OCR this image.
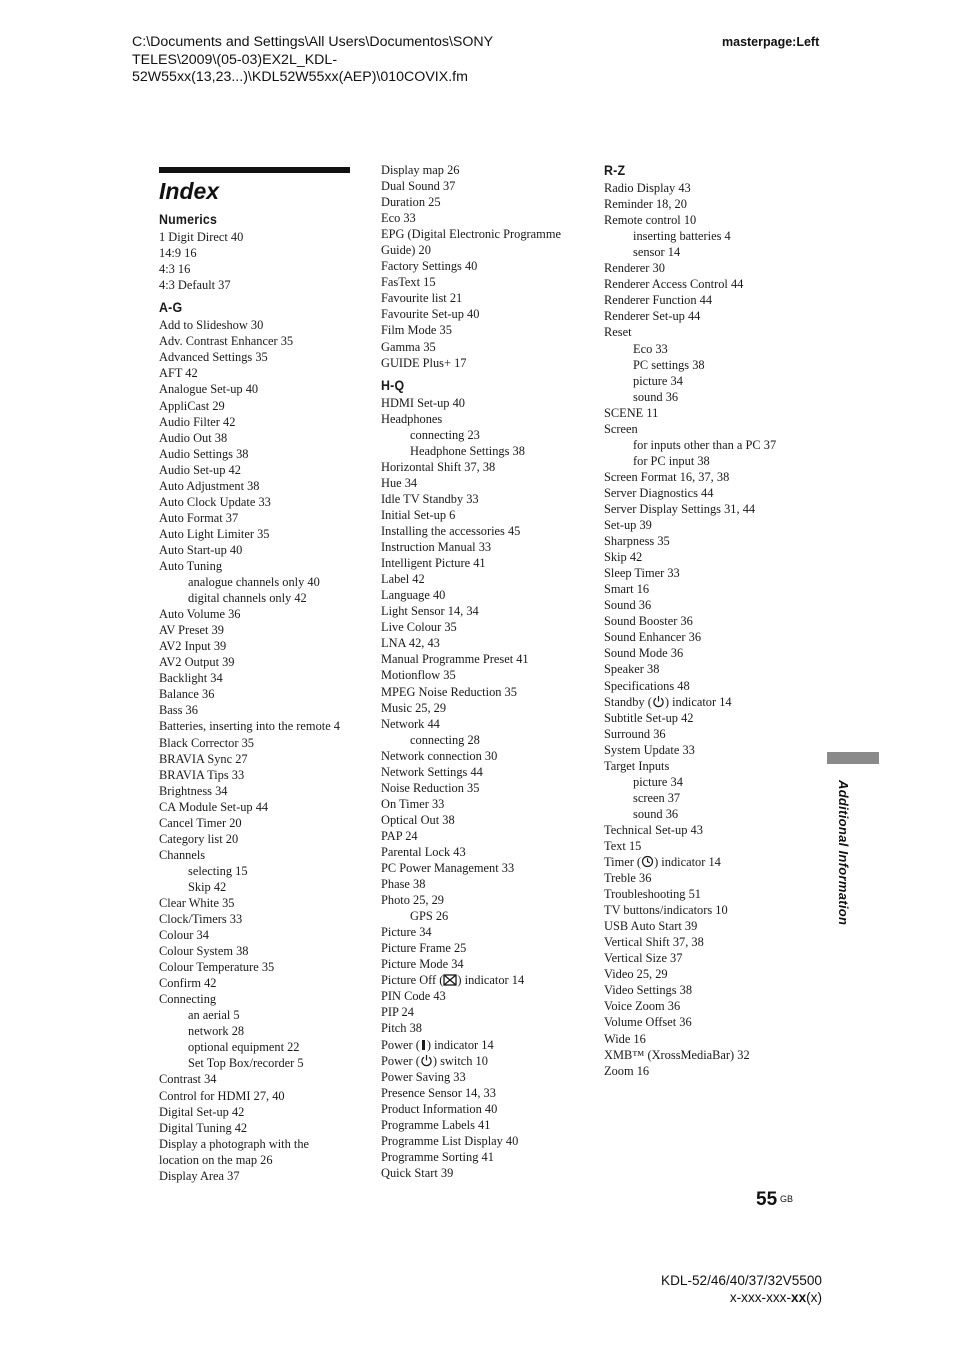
C:\Documents and Settings\All Users\Documentos\SONY TELES\2009\(05-03)EX2L_KDL-52W55xx(13,23...)\KDL52W55xx(AEP)\010COVIX.fm
masterpage:Left
Index
Numerics
1 Digit Direct 40
14:9 16
4:3 16
4:3 Default 37
A-G
Add to Slideshow 30
Adv. Contrast Enhancer 35
Advanced Settings 35
AFT 42
Analogue Set-up 40
AppliCast 29
Audio Filter 42
Audio Out 38
Audio Settings 38
Audio Set-up 42
Auto Adjustment 38
Auto Clock Update 33
Auto Format 37
Auto Light Limiter 35
Auto Start-up 40
Auto Tuning
analogue channels only 40
digital channels only 42
Auto Volume 36
AV Preset 39
AV2 Input 39
AV2 Output 39
Backlight 34
Balance 36
Bass 36
Batteries, inserting into the remote 4
Black Corrector 35
BRAVIA Sync 27
BRAVIA Tips 33
Brightness 34
CA Module Set-up 44
Cancel Timer 20
Category list 20
Channels
selecting 15
Skip 42
Clear White 35
Clock/Timers 33
Colour 34
Colour System 38
Colour Temperature 35
Confirm 42
Connecting
an aerial 5
network 28
optional equipment 22
Set Top Box/recorder 5
Contrast 34
Control for HDMI 27, 40
Digital Set-up 42
Digital Tuning 42
Display a photograph with the
location on the map 26
Display Area 37
Display map 26
Dual Sound 37
Duration 25
Eco 33
EPG (Digital Electronic Programme
Guide) 20
Factory Settings 40
FasText 15
Favourite list 21
Favourite Set-up 40
Film Mode 35
Gamma 35
GUIDE Plus+ 17
H-Q
HDMI Set-up 40
Headphones
connecting 23
Headphone Settings 38
Horizontal Shift 37, 38
Hue 34
Idle TV Standby 33
Initial Set-up 6
Installing the accessories 45
Instruction Manual 33
Intelligent Picture 41
Label 42
Language 40
Light Sensor 14, 34
Live Colour 35
LNA 42, 43
Manual Programme Preset 41
Motionflow 35
MPEG Noise Reduction 35
Music 25, 29
Network 44
connecting 28
Network connection 30
Network Settings 44
Noise Reduction 35
On Timer 33
Optical Out 38
PAP 24
Parental Lock 43
PC Power Management 33
Phase 38
Photo 25, 29
GPS 26
Picture 34
Picture Frame 25
Picture Mode 34
Picture Off ( ) indicator 14
PIN Code 43
PIP 24
Pitch 38
Power ( ) indicator 14
Power ( ) switch 10
Power Saving 33
Presence Sensor 14, 33
Product Information 40
Programme Labels 41
Programme List Display 40
Programme Sorting 41
Quick Start 39
R-Z
Radio Display 43
Reminder 18, 20
Remote control 10
inserting batteries 4
sensor 14
Renderer 30
Renderer Access Control 44
Renderer Function 44
Renderer Set-up 44
Reset
Eco 33
PC settings 38
picture 34
sound 36
SCENE 11
Screen
for inputs other than a PC 37
for PC input 38
Screen Format 16, 37, 38
Server Diagnostics 44
Server Display Settings 31, 44
Set-up 39
Sharpness 35
Skip 42
Sleep Timer 33
Smart 16
Sound 36
Sound Booster 36
Sound Enhancer 36
Sound Mode 36
Speaker 38
Specifications 48
Standby ( ) indicator 14
Subtitle Set-up 42
Surround 36
System Update 33
Target Inputs
picture 34
screen 37
sound 36
Technical Set-up 43
Text 15
Timer ( ) indicator 14
Treble 36
Troubleshooting 51
TV buttons/indicators 10
USB Auto Start 39
Vertical Shift 37, 38
Vertical Size 37
Video 25, 29
Video Settings 38
Voice Zoom 36
Volume Offset 36
Wide 16
XMB™ (XrossMediaBar) 32
Zoom 16
Additional Information
55 GB
KDL-52/46/40/37/32V5500
x-xxx-xxx-xx(x)
